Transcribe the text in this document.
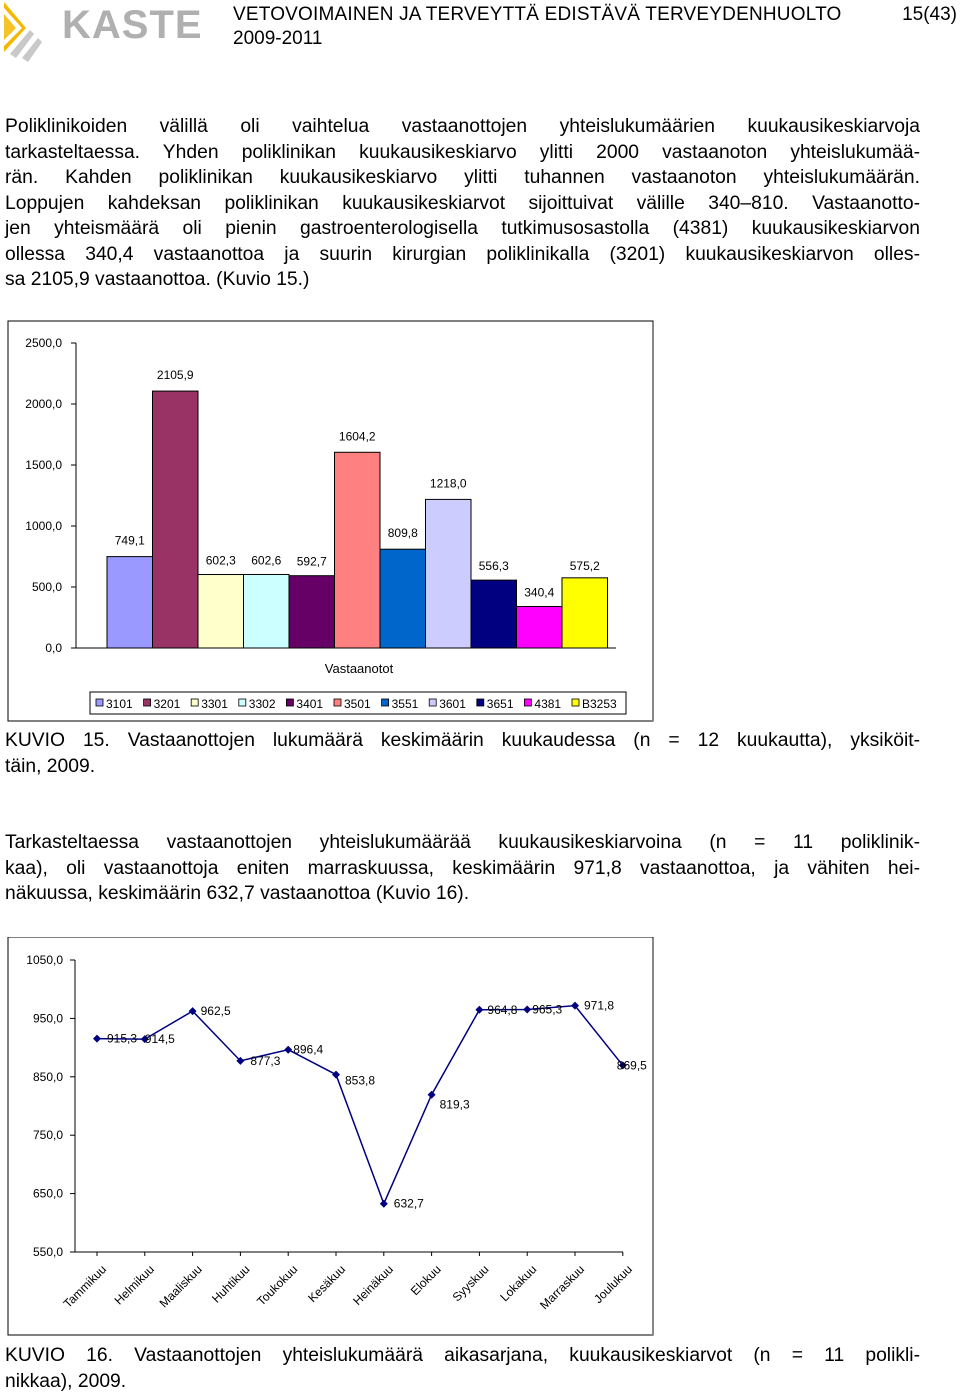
KASTE VETOVOIMAINEN JA TERVEYTTÄ EDISTÄVÄ TERVEYDENHUOLTO
2009-2011
15(43)

Poliklinikoiden välillä oli vaihtelua vastaanottojen yhteislukumäärien kuukausikeskiarvoja
tarkasteltaessa. Yhden poliklinikan kuukausikeskiarvo ylitti 2000 vastaanoton yhteislukumää-
rän. Kahden poliklinikan kuukausikeskiarvo ylitti tuhannen vastaanoton yhteislukumäärän.
Loppujen kahdeksan poliklinikan kuukausikeskiarvot sijoittuivat välille 340–810. Vastaanotto-
jen yhteismäärä oli pienin gastroenterologisella tutkimusosastolla (4381) kuukausikeskiarvon
ollessa 340,4 vastaanottoa ja suurin kirurgian poliklinikalla (3201) kuukausikeskiarvon olles-
sa 2105,9 vastaanottoa. (Kuvio 15.)

0,0
500,0
1000,0
1500,0
2000,0
2500,0
749,1
2105,9
602,3 602,6 592,7
1604,2
809,8
1218,0
556,3
340,4
575,2
Vastaanotot
3101 3201 3301 3302 3401 3501 3551 3601 3651 4381 B3253

KUVIO 15. Vastaanottojen lukumäärä keskimäärin kuukaudessa (n = 12 kuukautta), yksiköit-
täin, 2009.

Tarkasteltaessa vastaanottojen yhteislukumäärää kuukausikeskiarvoina (n = 11 poliklinik-
kaa), oli vastaanottoja eniten marraskuussa, keskimäärin 971,8 vastaanottoa, ja vähiten hei-
näkuussa, keskimäärin 632,7 vastaanottoa (Kuvio 16).

550,0
650,0
750,0
850,0
950,0
1050,0
915,3
Tammikuu
914,5
Helmikuu
962,5
Maaliskuu
877,3
Huhtikuu
896,4
Toukokuu
853,8
Kesäkuu
632,7
Heinäkuu
819,3
Elokuu
964,8
Syyskuu
965,3
Lokakuu
971,8
Marraskuu
869,5
Joulukuu

KUVIO 16. Vastaanottojen yhteislukumäärä aikasarjana, kuukausikeskiarvot (n = 11 polikli-
nikkaa), 2009.
